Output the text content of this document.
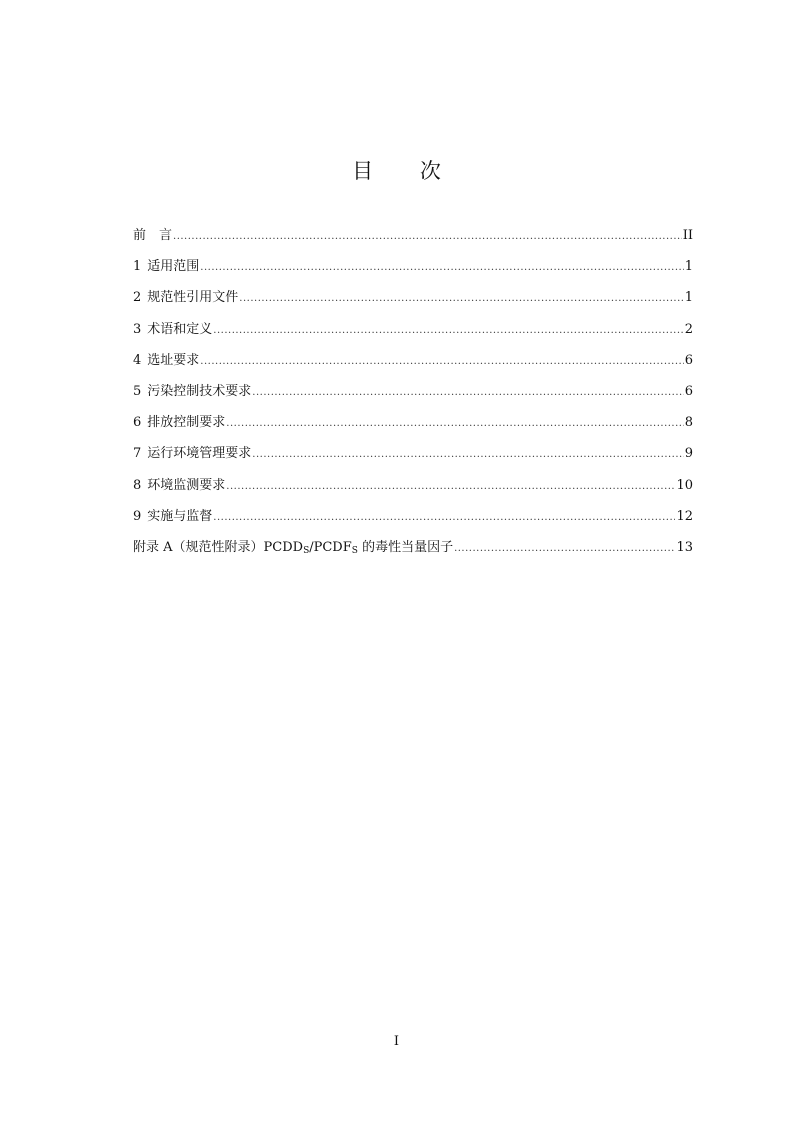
目 次
前　言 .....	II
1 适用范围 .....	1
2 规范性引用文件 .....	1
3 术语和定义 .....	2
4 选址要求 .....	6
5 污染控制技术要求 .....	6
6 排放控制要求 .....	8
7 运行环境管理要求 .....	9
8 环境监测要求 .....	10
9 实施与监督 .....	12
附录 A（规范性附录）$PCDD_S/PCDF_S$ 的毒性当量因子 .....	13
I
